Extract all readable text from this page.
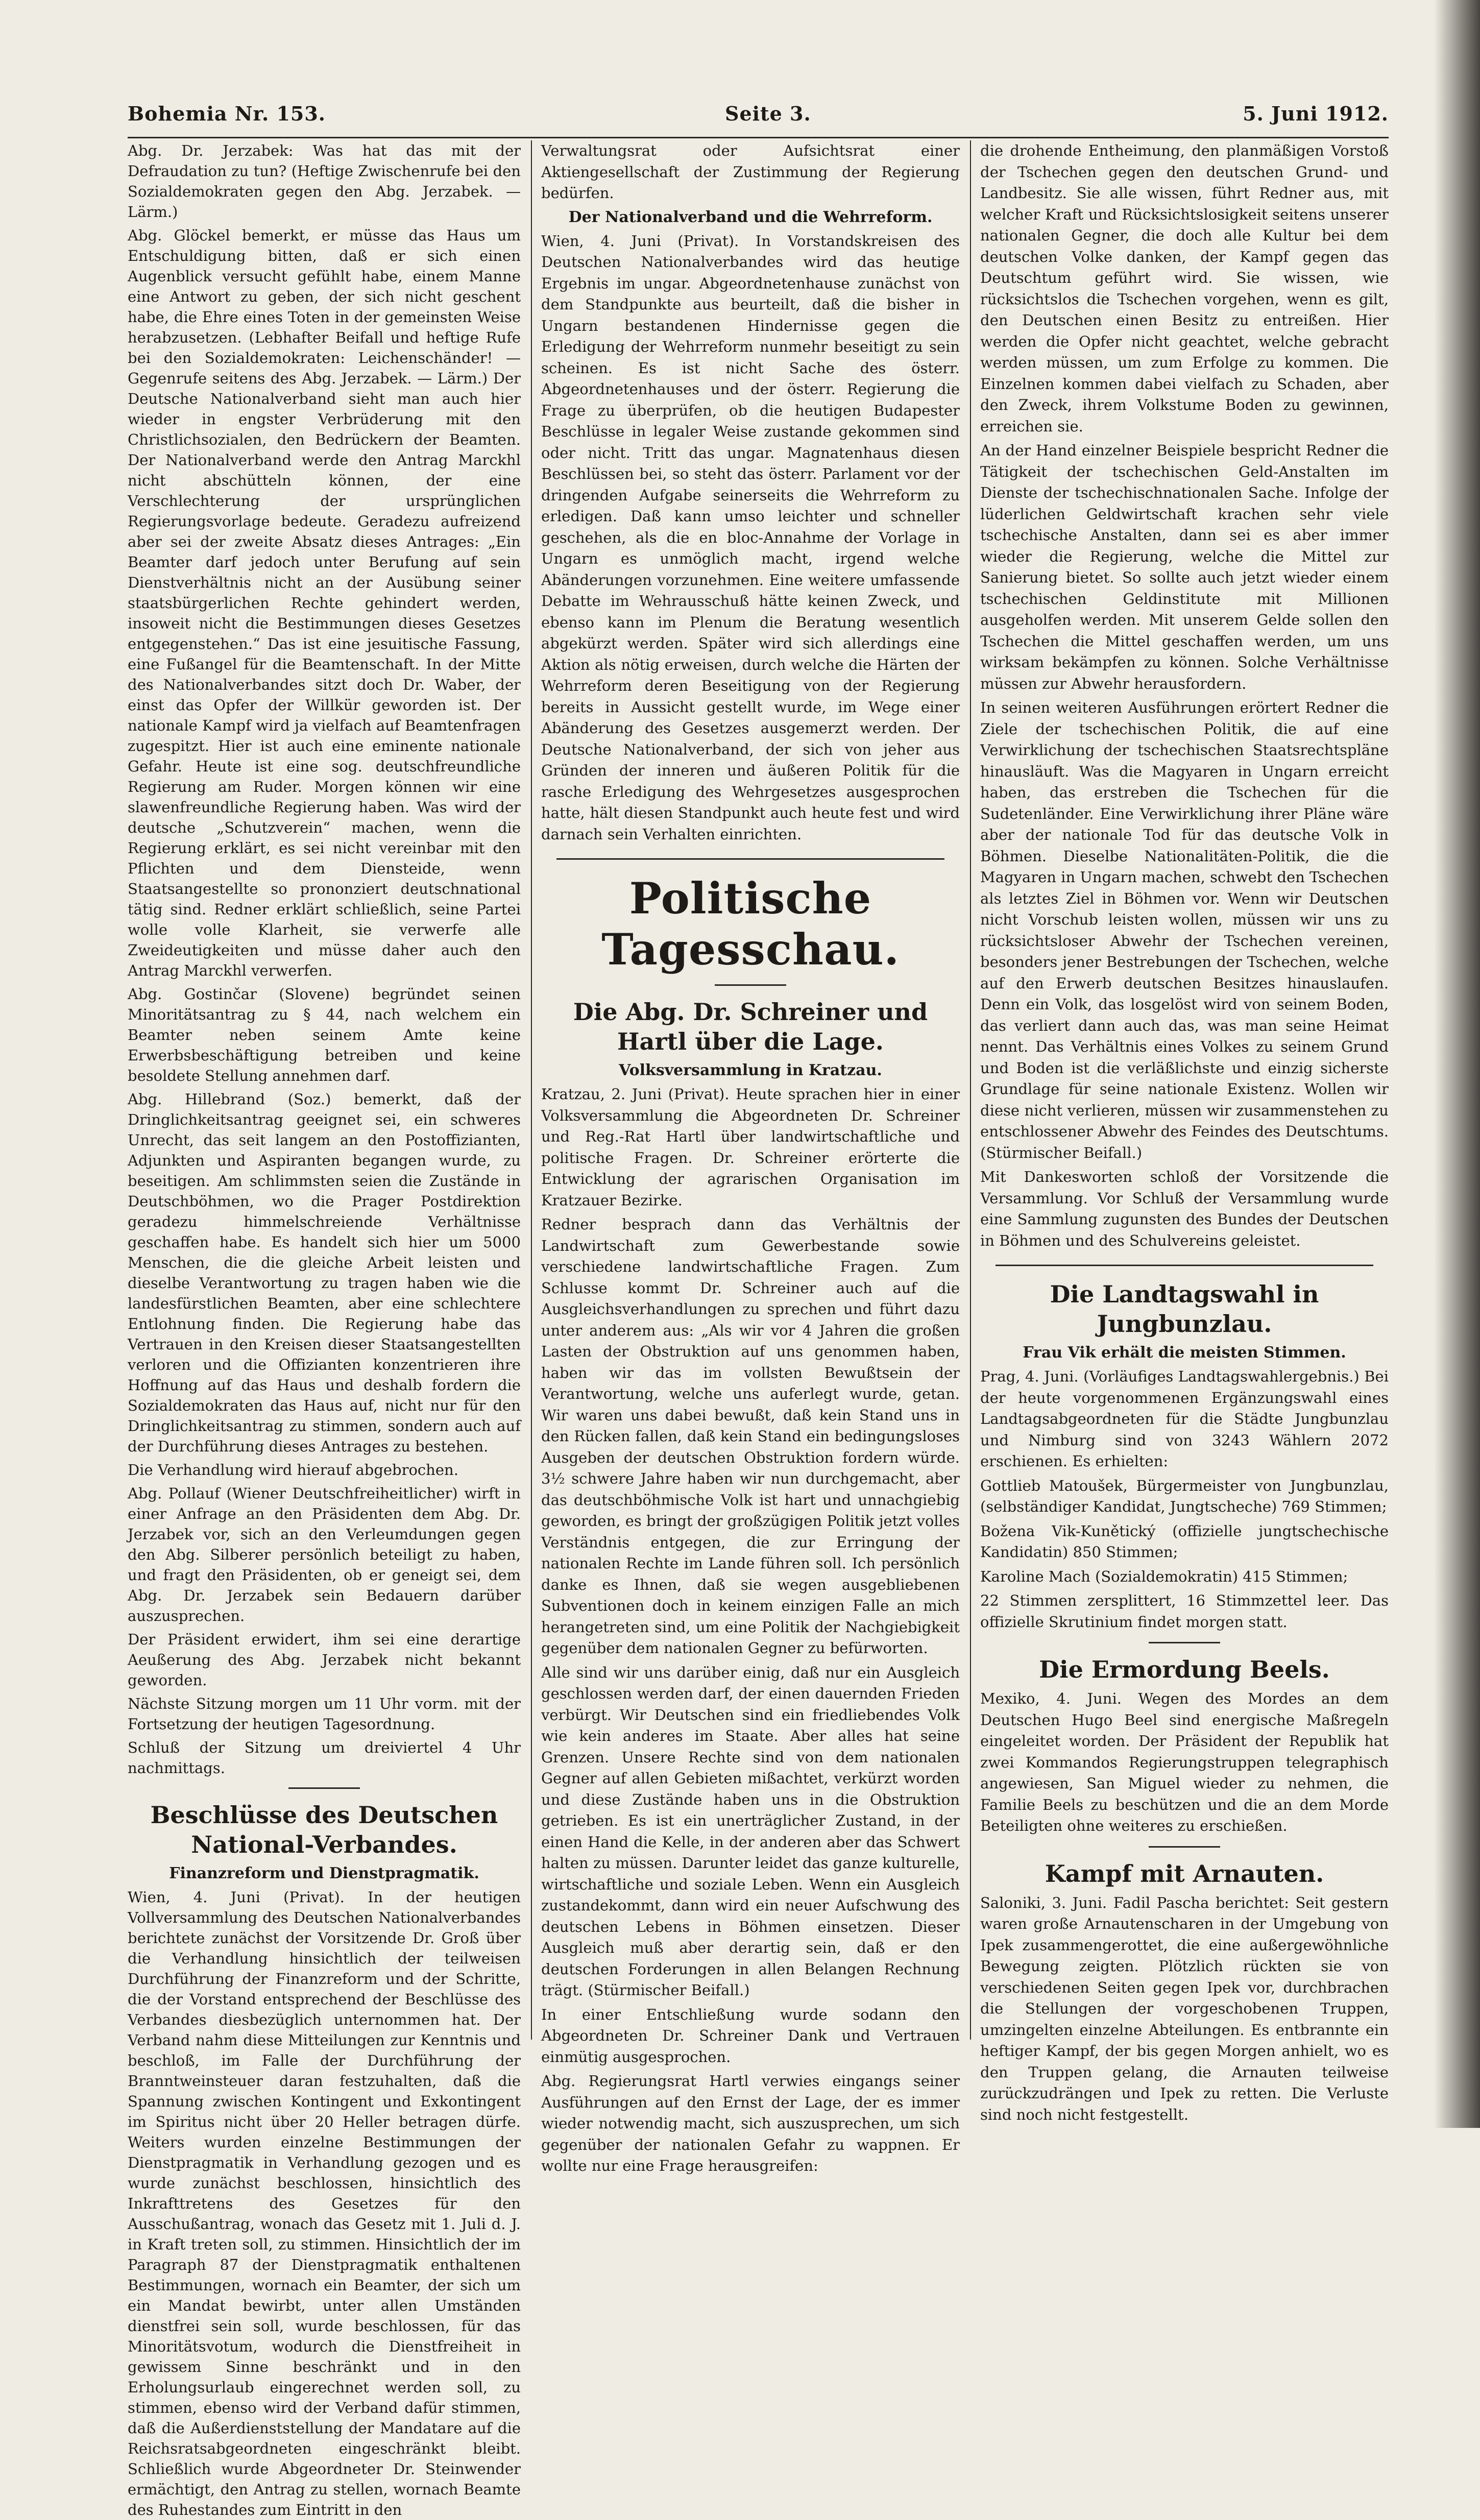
Bohemia Nr. 153.	Seite 3.	5. Juni 1912.

Abg. Dr. Jerzabek: Was hat das mit der Defraudation zu tun? (Heftige Zwischenrufe bei den Sozialdemokraten gegen den Abg. Jerzabek. — Lärm.)

Abg. Glöckel bemerkt, er müsse das Haus um Entschuldigung bitten, daß er sich einen Augenblick versucht gefühlt habe, einem Manne eine Antwort zu geben, der sich nicht geschent habe, die Ehre eines Toten in der gemeinsten Weise herabzusetzen. (Lebhafter Beifall und heftige Rufe bei den Sozialdemokraten: Leichenschänder! — Gegenrufe seitens des Abg. Jerzabek. — Lärm.) Der Deutsche Nationalverband sieht man auch hier wieder in engster Verbrüderung mit den Christlichsozialen, den Bedrückern der Beamten. Der Nationalverband werde den Antrag Marckhl nicht abschütteln können, der eine Verschlechterung der ursprünglichen Regierungsvorlage bedeute. Geradezu aufreizend aber sei der zweite Absatz dieses Antrages: „Ein Beamter darf jedoch unter Berufung auf sein Dienstverhältnis nicht an der Ausübung seiner staatsbürgerlichen Rechte gehindert werden, insoweit nicht die Bestimmungen dieses Gesetzes entgegenstehen.“ Das ist eine jesuitische Fassung, eine Fußangel für die Beamtenschaft. In der Mitte des Nationalverbandes sitzt doch Dr. Waber, der einst das Opfer der Willkür geworden ist. Der nationale Kampf wird ja vielfach auf Beamtenfragen zugespitzt. Hier ist auch eine eminente nationale Gefahr. Heute ist eine sog. deutschfreundliche Regierung am Ruder. Morgen können wir eine slawenfreundliche Regierung haben. Was wird der deutsche „Schutzverein“ machen, wenn die Regierung erklärt, es sei nicht vereinbar mit den Pflichten und dem Diensteide, wenn Staatsangestellte so prononziert deutschnational tätig sind. Redner erklärt schließlich, seine Partei wolle volle Klarheit, sie verwerfe alle Zweideutigkeiten und müsse daher auch den Antrag Marckhl verwerfen.

Abg. Gostinčar (Slovene) begründet seinen Minoritätsantrag zu § 44, nach welchem ein Beamter neben seinem Amte keine Erwerbsbeschäftigung betreiben und keine besoldete Stellung annehmen darf.

Abg. Hillebrand (Soz.) bemerkt, daß der Dringlichkeitsantrag geeignet sei, ein schweres Unrecht, das seit langem an den Postoffizianten, Adjunkten und Aspiranten begangen wurde, zu beseitigen. Am schlimmsten seien die Zustände in Deutschböhmen, wo die Prager Postdirektion geradezu himmelschreiende Verhältnisse geschaffen habe. Es handelt sich hier um 5000 Menschen, die die gleiche Arbeit leisten und dieselbe Verantwortung zu tragen haben wie die landesfürstlichen Beamten, aber eine schlechtere Entlohnung finden. Die Regierung habe das Vertrauen in den Kreisen dieser Staatsangestellten verloren und die Offizianten konzentrieren ihre Hoffnung auf das Haus und deshalb fordern die Sozialdemokraten das Haus auf, nicht nur für den Dringlichkeitsantrag zu stimmen, sondern auch auf der Durchführung dieses Antrages zu bestehen.

Die Verhandlung wird hierauf abgebrochen.

Abg. Pollauf (Wiener Deutschfreiheitlicher) wirft in einer Anfrage an den Präsidenten dem Abg. Dr. Jerzabek vor, sich an den Verleumdungen gegen den Abg. Silberer persönlich beteiligt zu haben, und fragt den Präsidenten, ob er geneigt sei, dem Abg. Dr. Jerzabek sein Bedauern darüber auszusprechen.

Der Präsident erwidert, ihm sei eine derartige Aeußerung des Abg. Jerzabek nicht bekannt geworden.

Nächste Sitzung morgen um 11 Uhr vorm. mit der Fortsetzung der heutigen Tagesordnung.

Schluß der Sitzung um dreiviertel 4 Uhr nachmittags.

Beschlüsse des Deutschen National-Verbandes.
Finanzreform und Dienstpragmatik.

Wien, 4. Juni (Privat). In der heutigen Vollversammlung des Deutschen Nationalverbandes berichtete zunächst der Vorsitzende Dr. Groß über die Verhandlung hinsichtlich der teilweisen Durchführung der Finanzreform und der Schritte, die der Vorstand entsprechend der Beschlüsse des Verbandes diesbezüglich unternommen hat. Der Verband nahm diese Mitteilungen zur Kenntnis und beschloß, im Falle der Durchführung der Branntweinsteuer daran festzuhalten, daß die Spannung zwischen Kontingent und Exkontingent im Spiritus nicht über 20 Heller betragen dürfe. Weiters wurden einzelne Bestimmungen der Dienstpragmatik in Verhandlung gezogen und es wurde zunächst beschlossen, hinsichtlich des Inkrafttretens des Gesetzes für den Ausschußantrag, wonach das Gesetz mit 1. Juli d. J. in Kraft treten soll, zu stimmen. Hinsichtlich der im Paragraph 87 der Dienstpragmatik enthaltenen Bestimmungen, wornach ein Beamter, der sich um ein Mandat bewirbt, unter allen Umständen dienstfrei sein soll, wurde beschlossen, für das Minoritätsvotum, wodurch die Dienstfreiheit in gewissem Sinne beschränkt und in den Erholungsurlaub eingerechnet werden soll, zu stimmen, ebenso wird der Verband dafür stimmen, daß die Außerdienststellung der Mandatare auf die Reichsratsabgeordneten eingeschränkt bleibt. Schließlich wurde Abgeordneter Dr. Steinwender ermächtigt, den Antrag zu stellen, wornach Beamte des Ruhestandes zum Eintritt in den

Verwaltungsrat oder Aufsichtsrat einer Aktiengesellschaft der Zustimmung der Regierung bedürfen.

Der Nationalverband und die Wehrreform.

Wien, 4. Juni (Privat). In Vorstandskreisen des Deutschen Nationalverbandes wird das heutige Ergebnis im ungar. Abgeordnetenhause zunächst von dem Standpunkte aus beurteilt, daß die bisher in Ungarn bestandenen Hindernisse gegen die Erledigung der Wehrreform nunmehr beseitigt zu sein scheinen. Es ist nicht Sache des österr. Abgeordnetenhauses und der österr. Regierung die Frage zu überprüfen, ob die heutigen Budapester Beschlüsse in legaler Weise zustande gekommen sind oder nicht. Tritt das ungar. Magnatenhaus diesen Beschlüssen bei, so steht das österr. Parlament vor der dringenden Aufgabe seinerseits die Wehrreform zu erledigen. Daß kann umso leichter und schneller geschehen, als die en bloc-Annahme der Vorlage in Ungarn es unmöglich macht, irgend welche Abänderungen vorzunehmen. Eine weitere umfassende Debatte im Wehrausschuß hätte keinen Zweck, und ebenso kann im Plenum die Beratung wesentlich abgekürzt werden. Später wird sich allerdings eine Aktion als nötig erweisen, durch welche die Härten der Wehrreform deren Beseitigung von der Regierung bereits in Aussicht gestellt wurde, im Wege einer Abänderung des Gesetzes ausgemerzt werden. Der Deutsche Nationalverband, der sich von jeher aus Gründen der inneren und äußeren Politik für die rasche Erledigung des Wehrgesetzes ausgesprochen hatte, hält diesen Standpunkt auch heute fest und wird darnach sein Verhalten einrichten.

Politische Tagesschau.
Die Abg. Dr. Schreiner und Hartl über die Lage.
Volksversammlung in Kratzau.

Kratzau, 2. Juni (Privat). Heute sprachen hier in einer Volksversammlung die Abgeordneten Dr. Schreiner und Reg.-Rat Hartl über landwirtschaftliche und politische Fragen. Dr. Schreiner erörterte die Entwicklung der agrarischen Organisation im Kratzauer Bezirke.

Redner besprach dann das Verhältnis der Landwirtschaft zum Gewerbestande sowie verschiedene landwirtschaftliche Fragen. Zum Schlusse kommt Dr. Schreiner auch auf die Ausgleichsverhandlungen zu sprechen und führt dazu unter anderem aus: „Als wir vor 4 Jahren die großen Lasten der Obstruktion auf uns genommen haben, haben wir das im vollsten Bewußtsein der Verantwortung, welche uns auferlegt wurde, getan. Wir waren uns dabei bewußt, daß kein Stand uns in den Rücken fallen, daß kein Stand ein bedingungsloses Ausgeben der deutschen Obstruktion fordern würde. 3½ schwere Jahre haben wir nun durchgemacht, aber das deutschböhmische Volk ist hart und unnachgiebig geworden, es bringt der großzügigen Politik jetzt volles Verständnis entgegen, die zur Erringung der nationalen Rechte im Lande führen soll. Ich persönlich danke es Ihnen, daß sie wegen ausgebliebenen Subventionen doch in keinem einzigen Falle an mich herangetreten sind, um eine Politik der Nachgiebigkeit gegenüber dem nationalen Gegner zu befürworten.

Alle sind wir uns darüber einig, daß nur ein Ausgleich geschlossen werden darf, der einen dauernden Frieden verbürgt. Wir Deutschen sind ein friedliebendes Volk wie kein anderes im Staate. Aber alles hat seine Grenzen. Unsere Rechte sind von dem nationalen Gegner auf allen Gebieten mißachtet, verkürzt worden und diese Zustände haben uns in die Obstruktion getrieben. Es ist ein unerträglicher Zustand, in der einen Hand die Kelle, in der anderen aber das Schwert halten zu müssen. Darunter leidet das ganze kulturelle, wirtschaftliche und soziale Leben. Wenn ein Ausgleich zustandekommt, dann wird ein neuer Aufschwung des deutschen Lebens in Böhmen einsetzen. Dieser Ausgleich muß aber derartig sein, daß er den deutschen Forderungen in allen Belangen Rechnung trägt. (Stürmischer Beifall.)

In einer Entschließung wurde sodann den Abgeordneten Dr. Schreiner Dank und Vertrauen einmütig ausgesprochen.

Abg. Regierungsrat Hartl verwies eingangs seiner Ausführungen auf den Ernst der Lage, der es immer wieder notwendig macht, sich auszusprechen, um sich gegenüber der nationalen Gefahr zu wappnen. Er wollte nur eine Frage herausgreifen:

die drohende Entheimung, den planmäßigen Vorstoß der Tschechen gegen den deutschen Grund- und Landbesitz. Sie alle wissen, führt Redner aus, mit welcher Kraft und Rücksichtslosigkeit seitens unserer nationalen Gegner, die doch alle Kultur bei dem deutschen Volke danken, der Kampf gegen das Deutschtum geführt wird. Sie wissen, wie rücksichtslos die Tschechen vorgehen, wenn es gilt, den Deutschen einen Besitz zu entreißen. Hier werden die Opfer nicht geachtet, welche gebracht werden müssen, um zum Erfolge zu kommen. Die Einzelnen kommen dabei vielfach zu Schaden, aber den Zweck, ihrem Volkstume Boden zu gewinnen, erreichen sie.

An der Hand einzelner Beispiele bespricht Redner die Tätigkeit der tschechischen Geld-Anstalten im Dienste der tschechischnationalen Sache. Infolge der lüderlichen Geldwirtschaft krachen sehr viele tschechische Anstalten, dann sei es aber immer wieder die Regierung, welche die Mittel zur Sanierung bietet. So sollte auch jetzt wieder einem tschechischen Geldinstitute mit Millionen ausgeholfen werden. Mit unserem Gelde sollen den Tschechen die Mittel geschaffen werden, um uns wirksam bekämpfen zu können. Solche Verhältnisse müssen zur Abwehr herausfordern.

In seinen weiteren Ausführungen erörtert Redner die Ziele der tschechischen Politik, die auf eine Verwirklichung der tschechischen Staatsrechtspläne hinausläuft. Was die Magyaren in Ungarn erreicht haben, das erstreben die Tschechen für die Sudetenländer. Eine Verwirklichung ihrer Pläne wäre aber der nationale Tod für das deutsche Volk in Böhmen. Dieselbe Nationalitäten-Politik, die die Magyaren in Ungarn machen, schwebt den Tschechen als letztes Ziel in Böhmen vor. Wenn wir Deutschen nicht Vorschub leisten wollen, müssen wir uns zu rücksichtsloser Abwehr der Tschechen vereinen, besonders jener Bestrebungen der Tschechen, welche auf den Erwerb deutschen Besitzes hinauslaufen. Denn ein Volk, das losgelöst wird von seinem Boden, das verliert dann auch das, was man seine Heimat nennt. Das Verhältnis eines Volkes zu seinem Grund und Boden ist die verläßlichste und einzig sicherste Grundlage für seine nationale Existenz. Wollen wir diese nicht verlieren, müssen wir zusammenstehen zu entschlossener Abwehr des Feindes des Deutschtums. (Stürmischer Beifall.)

Mit Dankesworten schloß der Vorsitzende die Versammlung. Vor Schluß der Versammlung wurde eine Sammlung zugunsten des Bundes der Deutschen in Böhmen und des Schulvereins geleistet.

Die Landtagswahl in Jungbunzlau.
Frau Vik erhält die meisten Stimmen.

Prag, 4. Juni. (Vorläufiges Landtagswahlergebnis.) Bei der heute vorgenommenen Ergänzungswahl eines Landtagsabgeordneten für die Städte Jungbunzlau und Nimburg sind von 3243 Wählern 2072 erschienen. Es erhielten:

Gottlieb Matoušek, Bürgermeister von Jungbunzlau, (selbständiger Kandidat, Jungtscheche) 769 Stimmen;

Božena Vik-Kunětický (offizielle jungtschechische Kandidatin) 850 Stimmen;

Karoline Mach (Sozialdemokratin) 415 Stimmen;

22 Stimmen zersplittert, 16 Stimmzettel leer. Das offizielle Skrutinium findet morgen statt.

Die Ermordung Beels.

Mexiko, 4. Juni. Wegen des Mordes an dem Deutschen Hugo Beel sind energische Maßregeln eingeleitet worden. Der Präsident der Republik hat zwei Kommandos Regierungstruppen telegraphisch angewiesen, San Miguel wieder zu nehmen, die Familie Beels zu beschützen und die an dem Morde Beteiligten ohne weiteres zu erschießen.

Kampf mit Arnauten.

Saloniki, 3. Juni. Fadil Pascha berichtet: Seit gestern waren große Arnautenscharen in der Umgebung von Ipek zusammengerottet, die eine außergewöhnliche Bewegung zeigten. Plötzlich rückten sie von verschiedenen Seiten gegen Ipek vor, durchbrachen die Stellungen der vorgeschobenen Truppen, umzingelten einzelne Abteilungen. Es entbrannte ein heftiger Kampf, der bis gegen Morgen anhielt, wo es den Truppen gelang, die Arnauten teilweise zurückzudrängen und Ipek zu retten. Die Verluste sind noch nicht festgestellt.
